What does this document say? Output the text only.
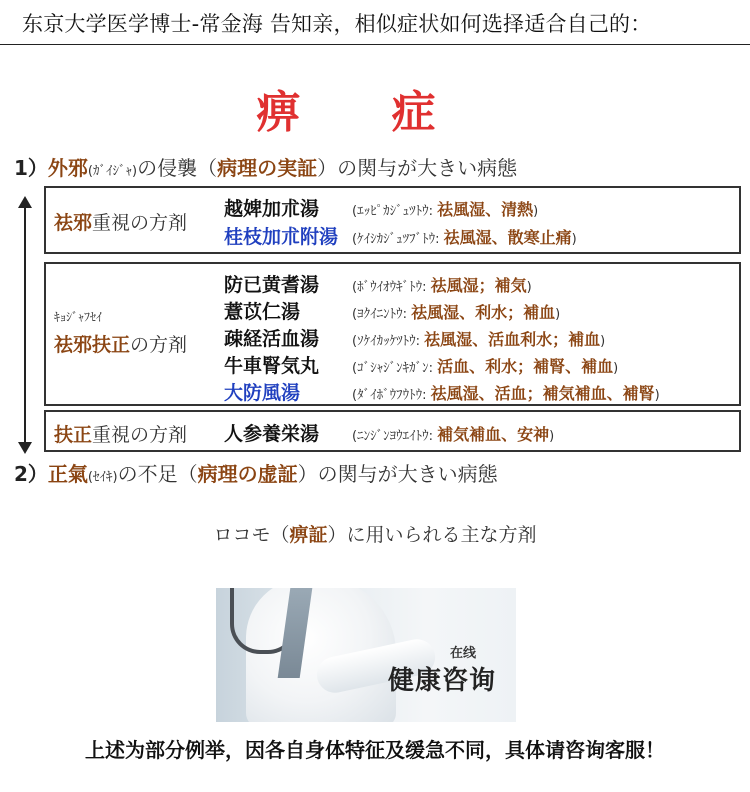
东京大学医学博士-常金海 告知亲，相似症状如何选择适合自己的：
痹 症
1）外邪(ｶﾞｲｼﾞｬ)の侵襲（病理の実証）の関与が大きい病態
祛邪重視の方剤
越婢加朮湯	(ｴｯﾋﾟｶｼﾞｭﾂﾄｳ: 祛風湿、清熱)
桂枝加朮附湯 (ｹｲｼｶｼﾞｭﾂﾌﾞﾄｳ: 祛風湿、散寒止痛)
ｷｮｼﾞｬﾌｾｲ
祛邪扶正の方剤
防已黄耆湯	(ﾎﾞｳｲｵｳｷﾞﾄｳ: 祛風湿；補気)
薏苡仁湯	(ﾖｸｲﾆﾝﾄｳ: 祛風湿、利水；補血)
疎経活血湯	(ｿｹｲｶｯｹﾂﾄｳ: 祛風湿、活血利水；補血)
牛車腎気丸	(ｺﾞｼｬｼﾞﾝｷｶﾞﾝ: 活血、利水；補腎、補血)
大防風湯	(ﾀﾞｲﾎﾞｳﾌｳﾄｳ: 祛風湿、活血；補気補血、補腎)
扶正重視の方剤 人参養栄湯	(ﾆﾝｼﾞﾝﾖｳｴｲﾄｳ: 補気補血、安神)
2）正氣(ｾｲｷ)の不足（病理の虚証）の関与が大きい病態
ロコモ（痹証）に用いられる主な方剤
在线
健康咨询
上述为部分例举，因各自身体特征及缓急不同，具体请咨询客服！
